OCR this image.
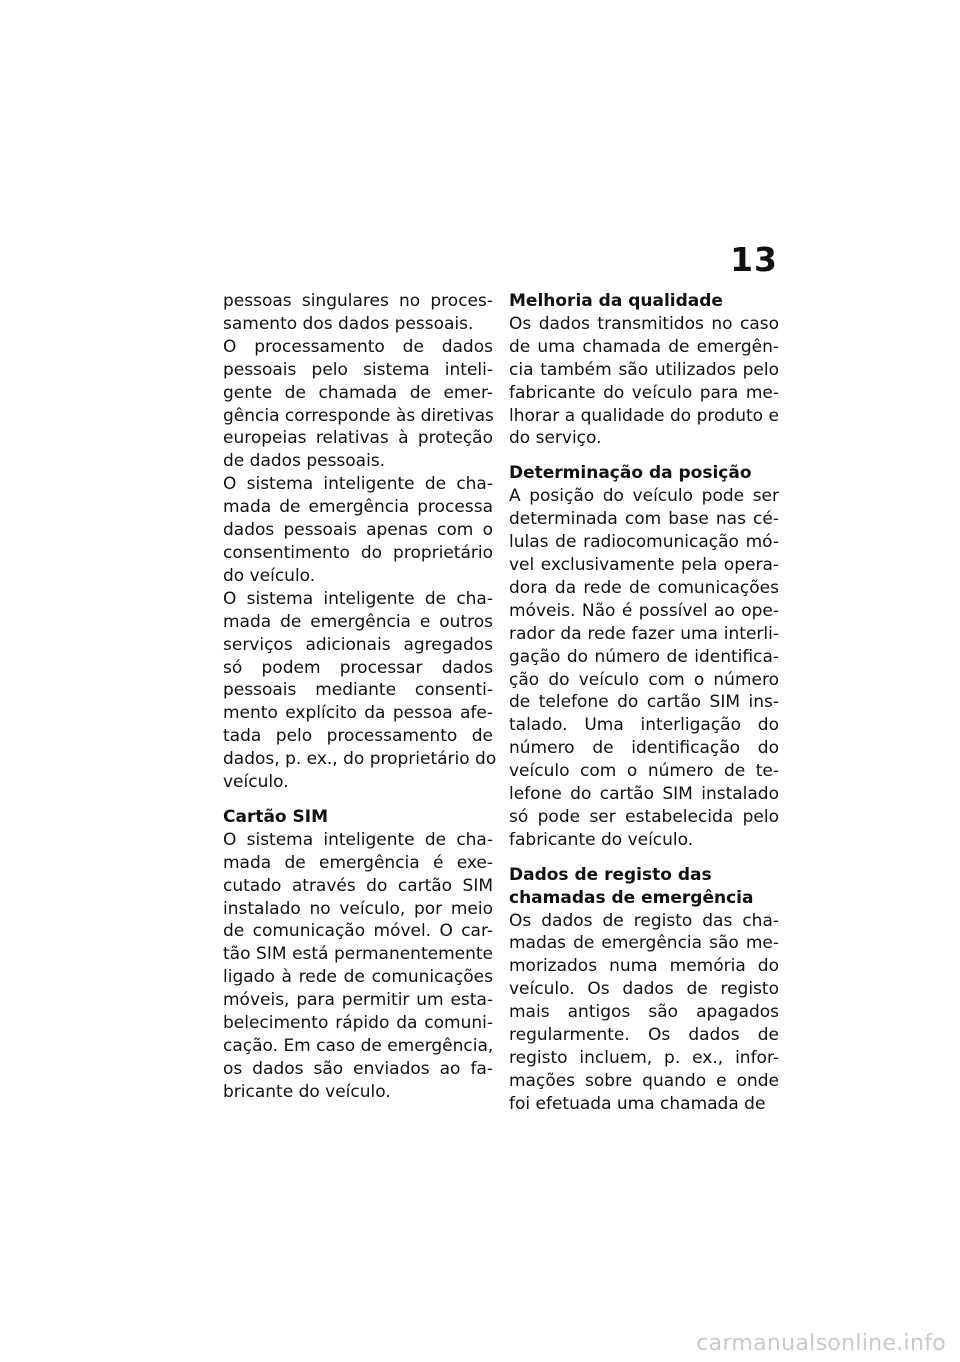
13
pessoas singulares no proces-
samento dos dados pessoais.
O processamento de dados
pessoais pelo sistema inteli-
gente de chamada de emer-
gência corresponde às diretivas
europeias relativas à proteção
de dados pessoais.
O sistema inteligente de cha-
mada de emergência processa
dados pessoais apenas com o
consentimento do proprietário
do veículo.
O sistema inteligente de cha-
mada de emergência e outros
serviços adicionais agregados
só podem processar dados
pessoais mediante consenti-
mento explícito da pessoa afe-
tada pelo processamento de
dados, p. ex., do proprietário do
veículo.
Cartão SIM
O sistema inteligente de cha-
mada de emergência é exe-
cutado através do cartão SIM
instalado no veículo, por meio
de comunicação móvel. O car-
tão SIM está permanentemente
ligado à rede de comunicações
móveis, para permitir um esta-
belecimento rápido da comuni-
cação. Em caso de emergência,
os dados são enviados ao fa-
bricante do veículo.
Melhoria da qualidade
Os dados transmitidos no caso
de uma chamada de emergên-
cia também são utilizados pelo
fabricante do veículo para me-
lhorar a qualidade do produto e
do serviço.
Determinação da posição
A posição do veículo pode ser
determinada com base nas cé-
lulas de radiocomunicação mó-
vel exclusivamente pela opera-
dora da rede de comunicações
móveis. Não é possível ao ope-
rador da rede fazer uma interli-
gação do número de identifica-
ção do veículo com o número
de telefone do cartão SIM ins-
talado. Uma interligação do
número de identificação do
veículo com o número de te-
lefone do cartão SIM instalado
só pode ser estabelecida pelo
fabricante do veículo.
Dados de registo das
chamadas de emergência
Os dados de registo das cha-
madas de emergência são me-
morizados numa memória do
veículo. Os dados de registo
mais antigos são apagados
regularmente. Os dados de
registo incluem, p. ex., infor-
mações sobre quando e onde
foi efetuada uma chamada de
carmanualsonline.info
